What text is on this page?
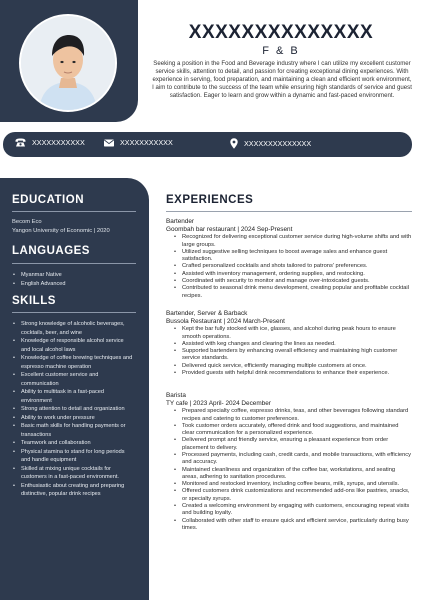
XXXXXXXXXXXXXX
F & B
Seeking a position in the Food and Beverage industry where I can utilize my excellent customer service skills, attention to detail, and passion for creating exceptional dining experiences. With experience in serving, food preparation, and maintaining a clean and efficient work environment, I aim to contribute to the success of the team while ensuring high standards of service and guest satisfaction. Eager to learn and grow within a dynamic and fast-paced environment.
XXXXXXXXXXX	XXXXXXXXXXX	XXXXXXXXXXXXXX
EDUCATION
Becom Eco
Yangon University of Economic | 2020
LANGUAGES
• Myanmar Native
• English Advanced
SKILLS
• Strong knowledge of alcoholic beverages, cocktails, beer, and wine
• Knowledge of responsible alcohol service and local alcohol laws
• Knowledge of coffee brewing techniques and espresso machine operation
• Excellent customer service and communication
• Ability to multitask in a fast-paced environment
• Strong attention to detail and organization
• Ability to work under pressure
• Basic math skills for handling payments or transactions
• Teamwork and collaboration
• Physical stamina to stand for long periods and handle equipment
• Skilled at mixing unique cocktails for customers in a fast-paced environment.
• Enthusiastic about creating and preparing distinctive, popular drink recipes
EXPERIENCES
Bartender
Goombah bar restaurant | 2024 Sep-Present
• Recognized for delivering exceptional customer service during high-volume shifts and with large groups.
• Utilized suggestive selling techniques to boost average sales and enhance guest satisfaction.
• Crafted personalized cocktails and shots tailored to patrons' preferences.
• Assisted with inventory management, ordering supplies, and restocking.
• Coordinated with security to monitor and manage over-intoxicated guests.
• Contributed to seasonal drink menu development, creating popular and profitable cocktail recipes.
Bartender, Server & Barback
Bussola Restaurant | 2024 March-Present
• Kept the bar fully stocked with ice, glasses, and alcohol during peak hours to ensure smooth operations.
• Assisted with keg changes and clearing the lines as needed.
• Supported bartenders by enhancing overall efficiency and maintaining high customer service standards.
• Delivered quick service, efficiently managing multiple customers at once.
• Provided guests with helpful drink recommendations to enhance their experience.
Barista
TY cafe | 2023 April- 2024 December
• Prepared specialty coffee, espresso drinks, teas, and other beverages following standard recipes and catering to customer preferences.
• Took customer orders accurately, offered drink and food suggestions, and maintained clear communication for a personalized experience.
• Delivered prompt and friendly service, ensuring a pleasant experience from order placement to delivery.
• Processed payments, including cash, credit cards, and mobile transactions, with efficiency and accuracy.
• Maintained cleanliness and organization of the coffee bar, workstations, and seating areas, adhering to sanitation procedures.
• Monitored and restocked inventory, including coffee beans, milk, syrups, and utensils.
• Offered customers drink customizations and recommended add-ons like pastries, snacks, or specialty syrups.
• Created a welcoming environment by engaging with customers, encouraging repeat visits and building loyalty.
• Collaborated with other staff to ensure quick and efficient service, particularly during busy times.
